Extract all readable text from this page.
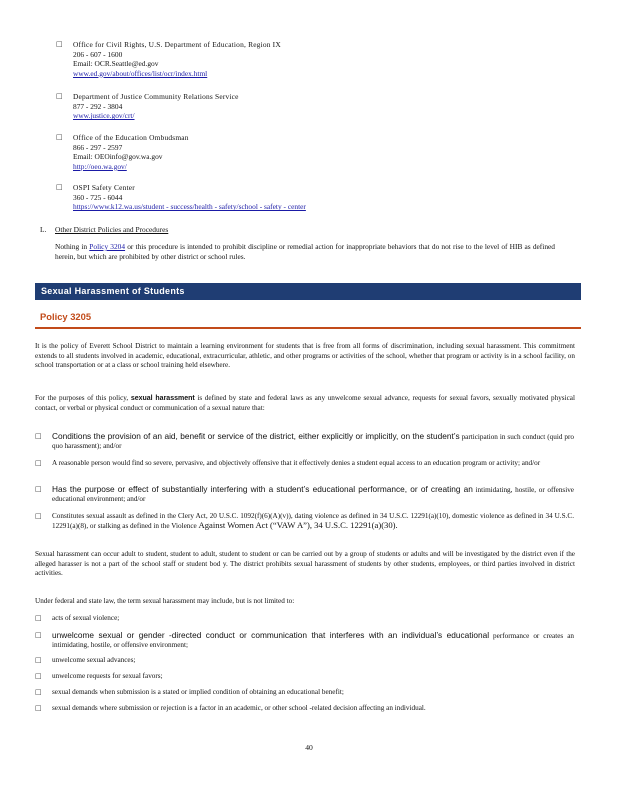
□	Office for Civil Rights, U.S. Department of Education, Region IX
206 - 607 - 1600
Email: OCR.Seattle@ed.gov
www.ed.gov/about/offices/list/ocr/index.html
□	Department of Justice Community Relations Service
877 - 292 - 3804
www.justice.gov/crt/
□	Office of the Education Ombudsman
866 - 297 - 2597
Email: OEOinfo@gov.wa.gov
http://oeo.wa.gov/
□	OSPI Safety Center
360 - 725 - 6044
https://www.k12.wa.us/student - success/health - safety/school - safety - center
L. Other District Policies and Procedures
Nothing in Policy 3204 or this procedure is intended to prohibit discipline or remedial action for inappropriate behaviors that do not rise to the level of HIB as defined herein, but which are prohibited by other district or school rules.
Sexual Harassment of Students
Policy 3205
It is the policy of Everett School District to maintain a learning environment for students that is free from all forms of discrimination, including sexual harassment. This commitment extends to all students involved in academic, educational, extracurricular, athletic, and other programs or activities of the school, whether that program or activity is in a school facility, on school transportation or at a class or school training held elsewhere.
For the purposes of this policy, sexual harassment is defined by state and federal laws as any unwelcome sexual advance, requests for sexual favors, sexually motivated physical contact, or verbal or physical conduct or communication of a sexual nature that:
□ Conditions the provision of an aid, benefit or service of the district, either explicitly or implicitly, on the student’s participation in such conduct (quid pro quo harassment); and/or
□ A reasonable person would find so severe, pervasive, and objectively offensive that it effectively denies a student equal access to an education program or activity; and/or
□ Has the purpose or effect of substantially interfering with a student’s educational performance, or of creating an intimidating, hostile, or offensive educational environment; and/or
□ Constitutes sexual assault as defined in the Clery Act, 20 U.S.C. 1092(f)(6)(A)(v)), dating violence as defined in 34 U.S.C. 12291(a)(10), domestic violence as defined in 34 U.S.C. 12291(a)(8), or stalking as defined in the Violence Against Women Act (“VAW A”), 34 U.S.C. 12291(a)(30).
Sexual harassment can occur adult to student, student to adult, student to student or can be carried out by a group of students or adults and will be investigated by the district even if the alleged harasser is not a part of the school staff or student bod y. The district prohibits sexual harassment of students by other students, employees, or third parties involved in district activities.
Under federal and state law, the term sexual harassment may include, but is not limited to:
□ acts of sexual violence;
□ unwelcome sexual or gender -directed conduct or communication that interferes with an individual’s educational performance or creates an intimidating, hostile, or offensive environment;
□ unwelcome sexual advances;
□ unwelcome requests for sexual favors;
□ sexual demands when submission is a stated or implied condition of obtaining an educational benefit;
□ sexual demands where submission or rejection is a factor in an academic, or other school -related decision affecting an individual.
40
